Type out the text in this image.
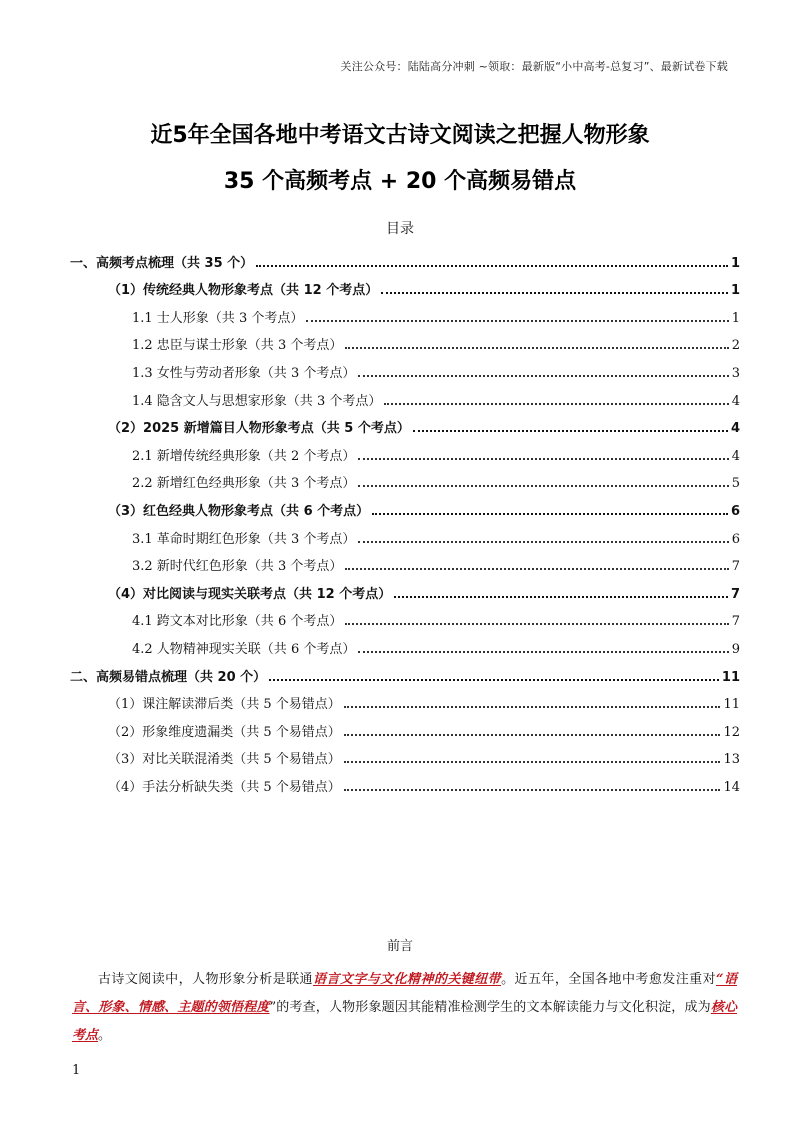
关注公众号：陆陆高分冲刺 ~领取：最新版“小中高考-总复习”、最新试卷下载
近5年全国各地中考语文古诗文阅读之把握人物形象
35 个高频考点 + 20 个高频易错点
目录
一、高频考点梳理（共 35 个）	1
（1）传统经典人物形象考点（共 12 个考点）	1
1.1 士人形象（共 3 个考点）	1
1.2 忠臣与谋士形象（共 3 个考点）	2
1.3 女性与劳动者形象（共 3 个考点）	3
1.4 隐含文人与思想家形象（共 3 个考点）	4
（2）2025 新增篇目人物形象考点（共 5 个考点）	4
2.1 新增传统经典形象（共 2 个考点）	4
2.2 新增红色经典形象（共 3 个考点）	5
（3）红色经典人物形象考点（共 6 个考点）	6
3.1 革命时期红色形象（共 3 个考点）	6
3.2 新时代红色形象（共 3 个考点）	7
（4）对比阅读与现实关联考点（共 12 个考点）	7
4.1 跨文本对比形象（共 6 个考点）	7
4.2 人物精神现实关联（共 6 个考点）	9
二、高频易错点梳理（共 20 个）	11
（1）课注解读滞后类（共 5 个易错点）	11
（2）形象维度遗漏类（共 5 个易错点）	12
（3）对比关联混淆类（共 5 个易错点）	13
（4）手法分析缺失类（共 5 个易错点）	14
前言
古诗文阅读中，人物形象分析是联通语言文字与文化精神的关键纽带。近五年，全国各地中考愈发注重对“语言、形象、情感、主题的领悟程度”的考查，人物形象题因其能精准检测学生的文本解读能力与文化积淀，成为核心考点。
1
